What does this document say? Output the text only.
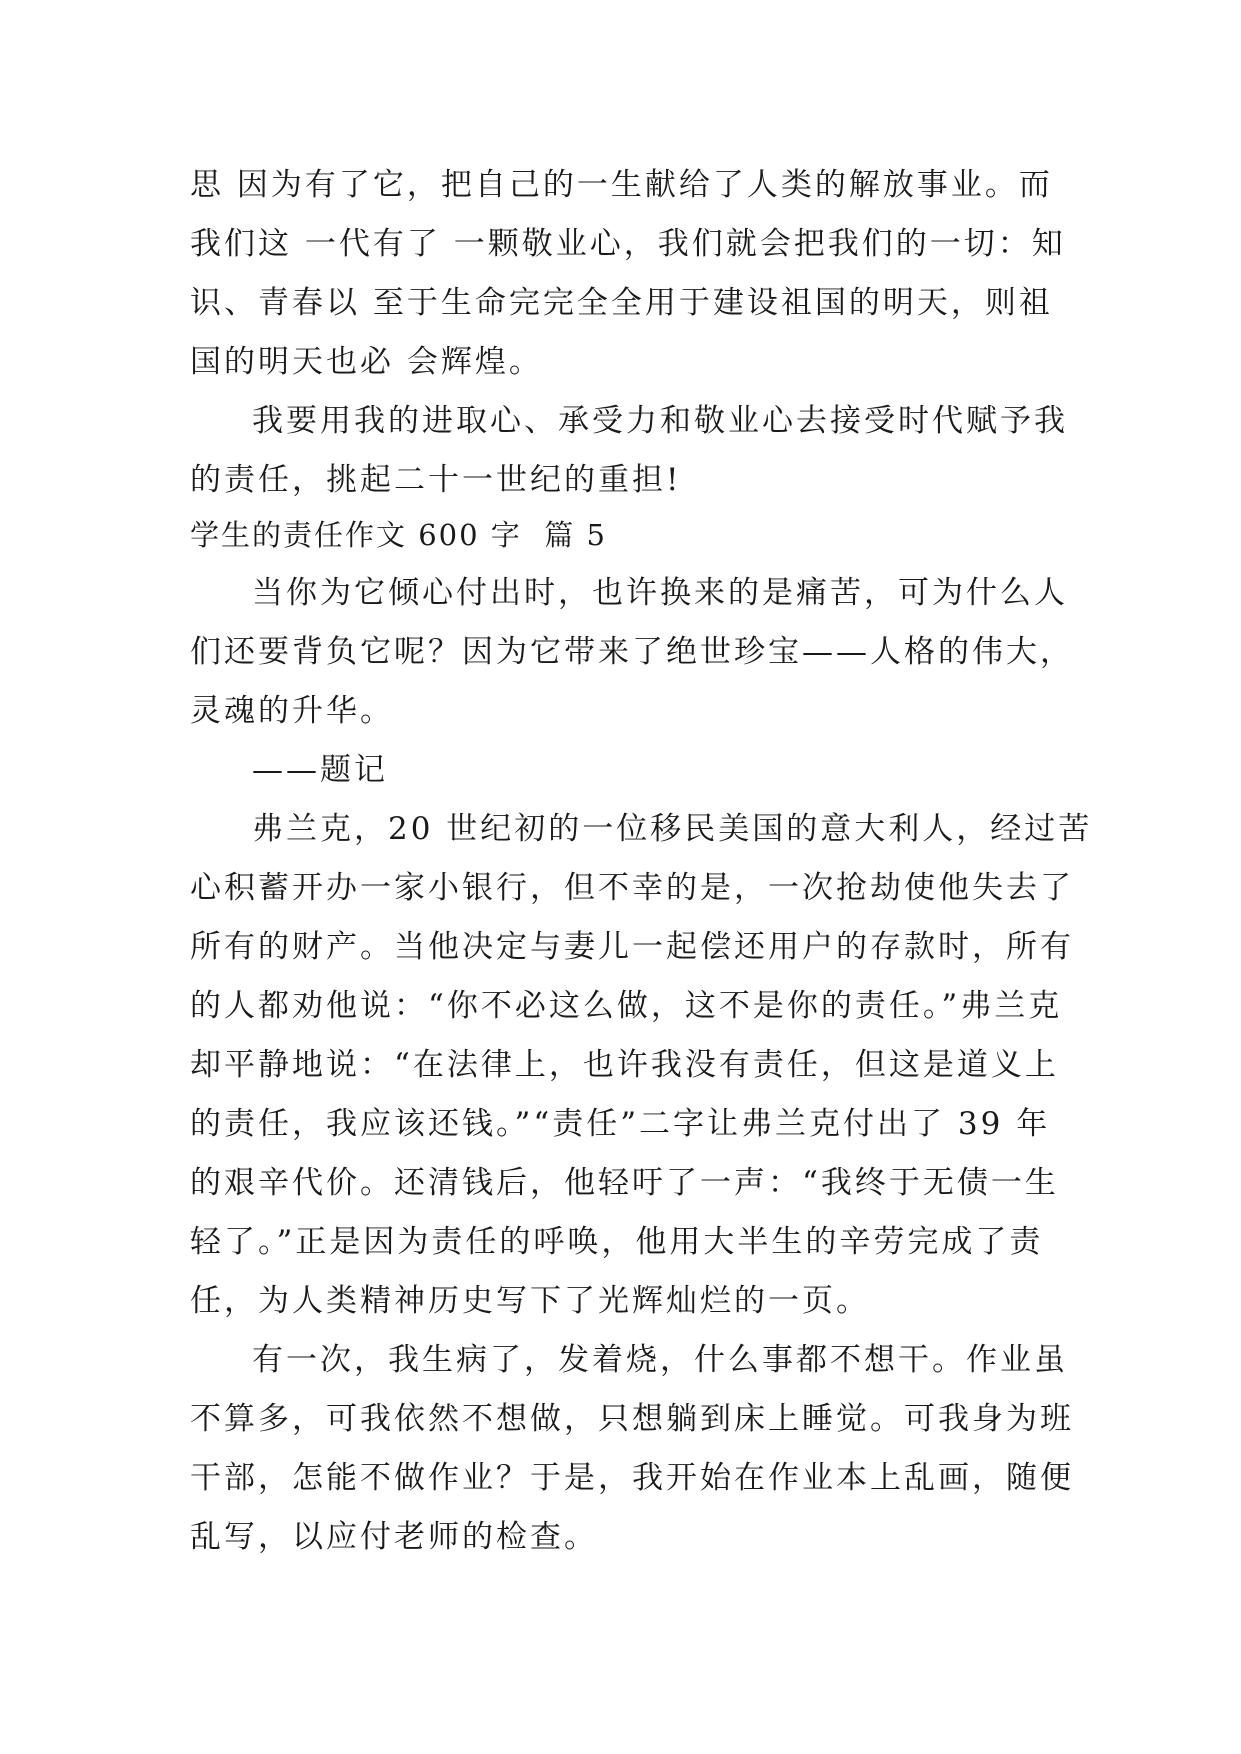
思 因为有了它，把自己的一生献给了人类的解放事业。而
我们这 一代有了 一颗敬业心，我们就会把我们的一切：知
识、青春以 至于生命完完全全用于建设祖国的明天，则祖
国的明天也必 会辉煌。
我要用我的进取心、承受力和敬业心去接受时代赋予我
的责任，挑起二十一世纪的重担!
学生的责任作文 600 字  篇 5
当你为它倾心付出时，也许换来的是痛苦，可为什么人
们还要背负它呢？因为它带来了绝世珍宝——人格的伟大，
灵魂的升华。
——题记
弗兰克，20 世纪初的一位移民美国的意大利人，经过苦
心积蓄开办一家小银行，但不幸的是，一次抢劫使他失去了
所有的财产。当他决定与妻儿一起偿还用户的存款时，所有
的人都劝他说：“你不必这么做，这不是你的责任。”弗兰克
却平静地说：“在法律上，也许我没有责任，但这是道义上
的责任，我应该还钱。”“责任”二字让弗兰克付出了 39 年
的艰辛代价。还清钱后，他轻吁了一声：“我终于无债一生
轻了。”正是因为责任的呼唤，他用大半生的辛劳完成了责
任，为人类精神历史写下了光辉灿烂的一页。
有一次，我生病了，发着烧，什么事都不想干。作业虽
不算多，可我依然不想做，只想躺到床上睡觉。可我身为班
干部，怎能不做作业？于是，我开始在作业本上乱画，随便
乱写，以应付老师的检查。
